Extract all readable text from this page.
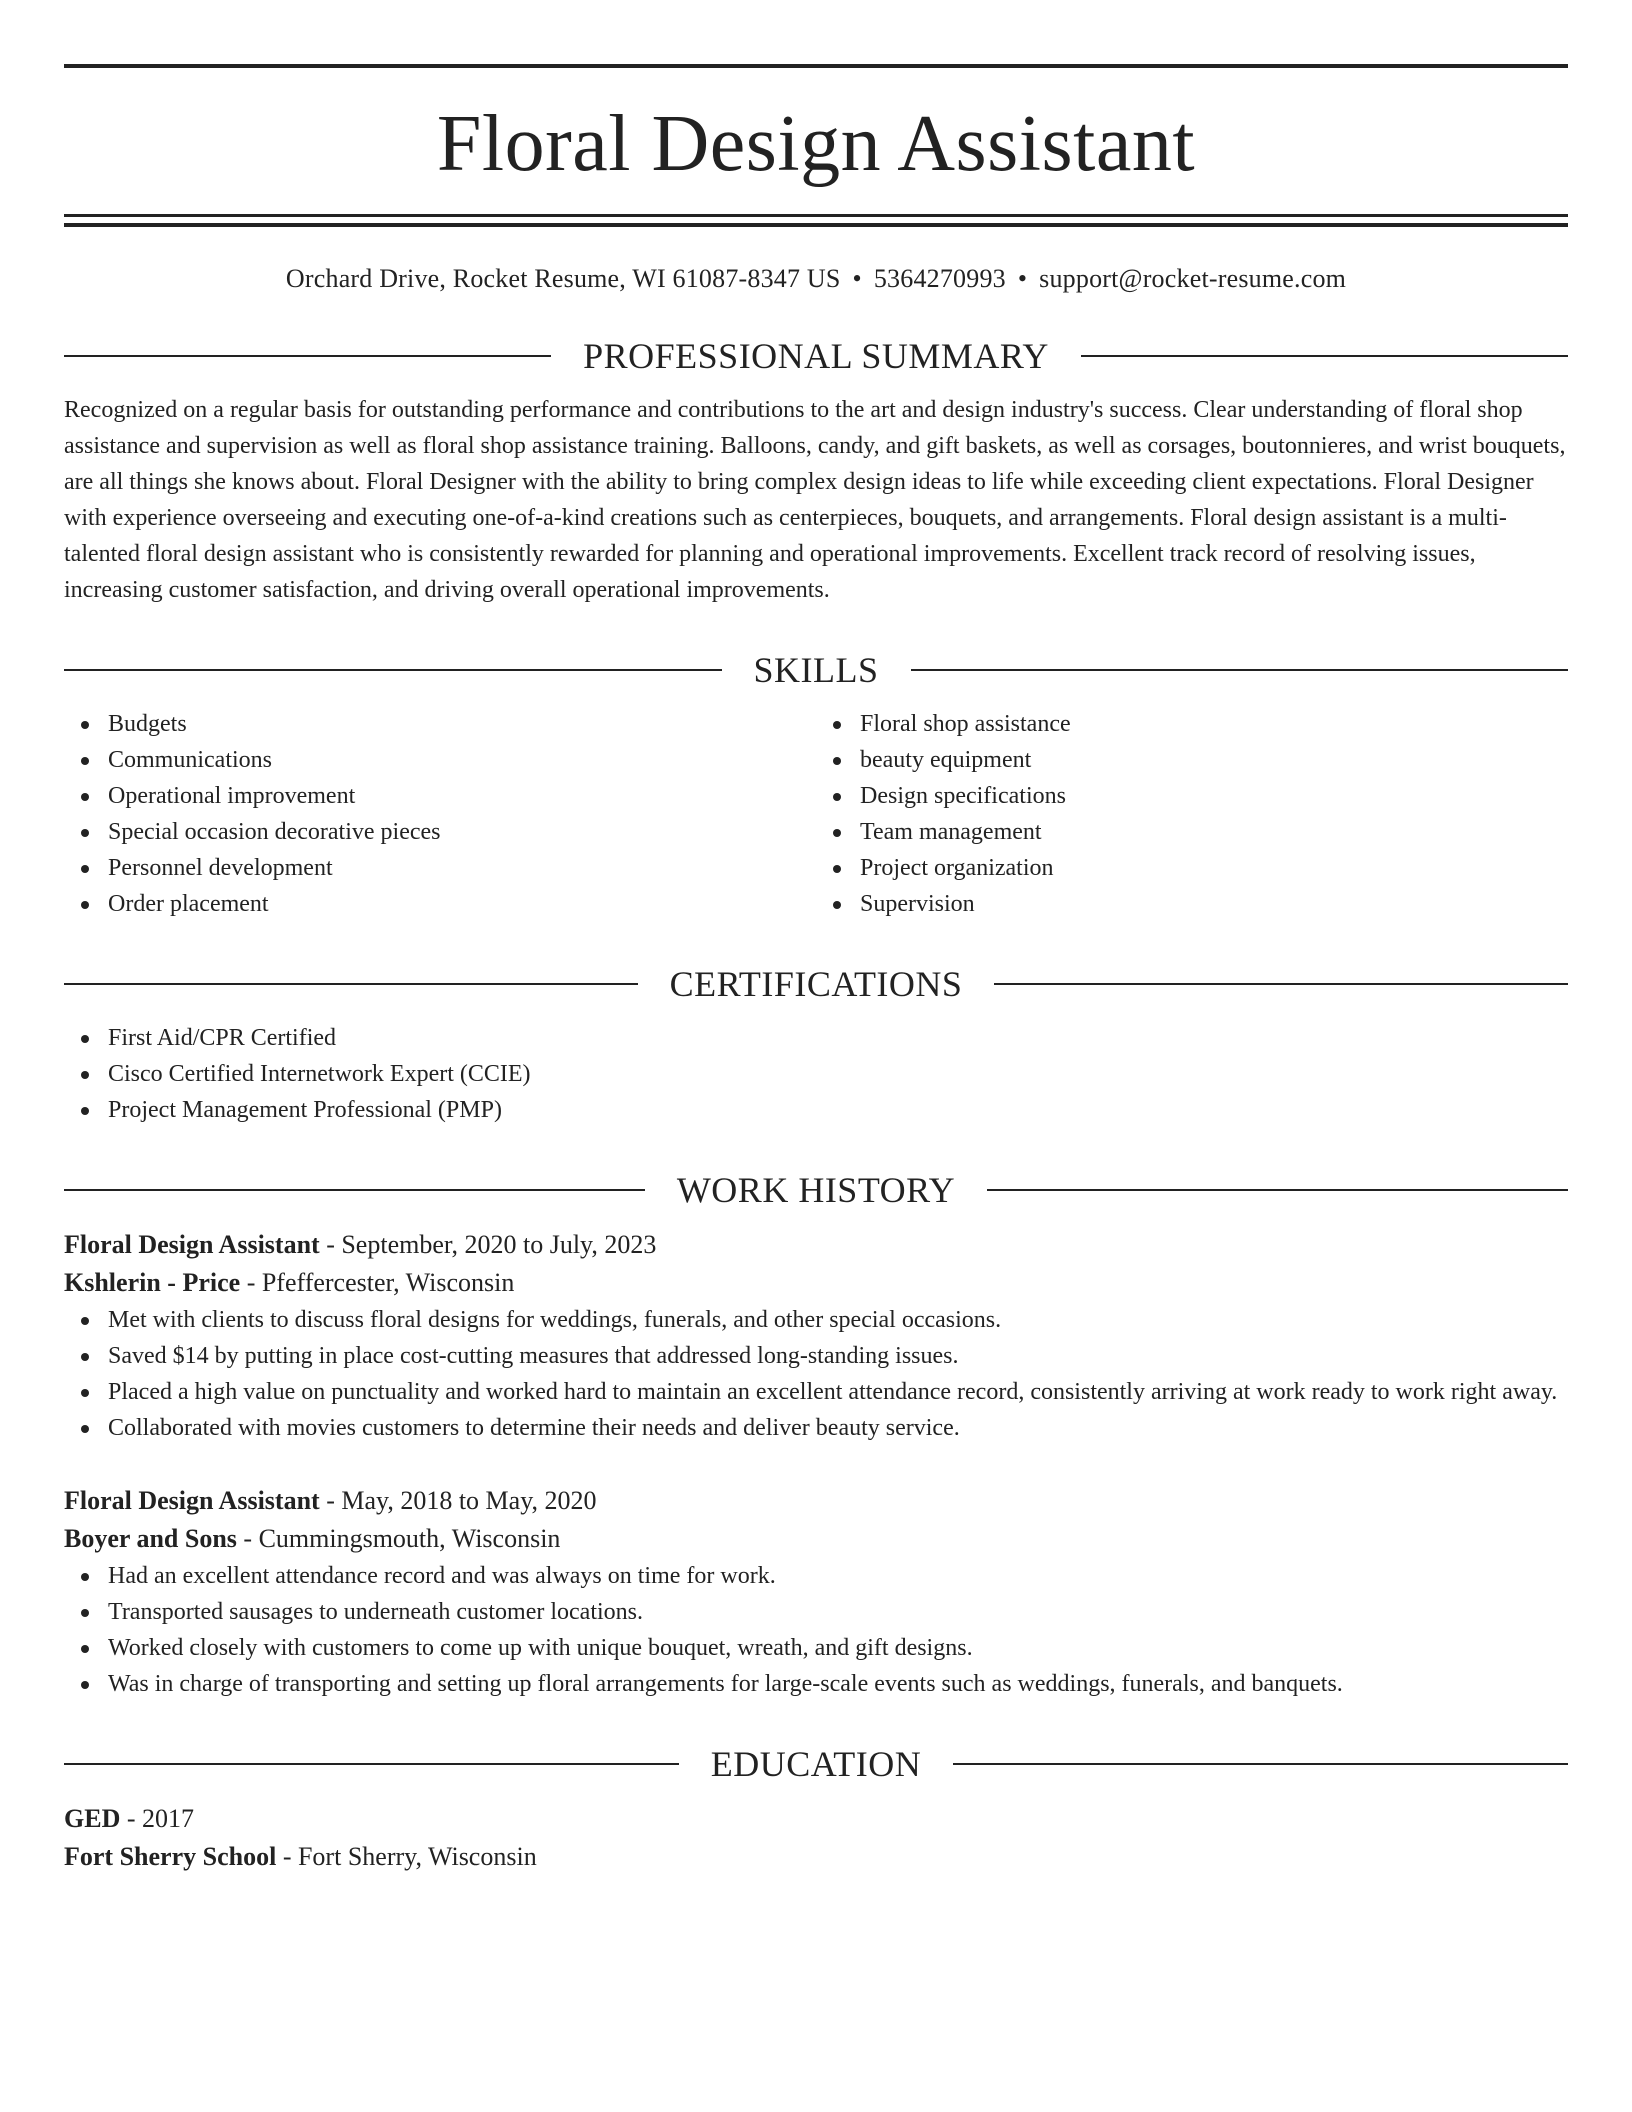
Floral Design Assistant
Orchard Drive, Rocket Resume, WI 61087-8347 US • 5364270993 • support@rocket-resume.com
PROFESSIONAL SUMMARY

Recognized on a regular basis for outstanding performance and contributions to the art and design industry's success. Clear understanding of floral shop assistance and supervision as well as floral shop assistance training. Balloons, candy, and gift baskets, as well as corsages, boutonnieres, and wrist bouquets, are all things she knows about. Floral Designer with the ability to bring complex design ideas to life while exceeding client expectations. Floral Designer with experience overseeing and executing one-of-a-kind creations such as centerpieces, bouquets, and arrangements. Floral design assistant is a multi-talented floral design assistant who is consistently rewarded for planning and operational improvements. Excellent track record of resolving issues, increasing customer satisfaction, and driving overall operational improvements.

SKILLS
Budgets
Communications
Operational improvement
Special occasion decorative pieces
Personnel development
Order placement
Floral shop assistance
beauty equipment
Design specifications
Team management
Project organization
Supervision
CERTIFICATIONS
First Aid/CPR Certified
Cisco Certified Internetwork Expert (CCIE)
Project Management Professional (PMP)
WORK HISTORY
Floral Design Assistant - September, 2020 to July, 2023
Kshlerin - Price - Pfeffercester, Wisconsin
Met with clients to discuss floral designs for weddings, funerals, and other special occasions.
Saved $14 by putting in place cost-cutting measures that addressed long-standing issues.
Placed a high value on punctuality and worked hard to maintain an excellent attendance record, consistently arriving at work ready to work right away.
Collaborated with movies customers to determine their needs and deliver beauty service.
Floral Design Assistant - May, 2018 to May, 2020
Boyer and Sons - Cummingsmouth, Wisconsin
Had an excellent attendance record and was always on time for work.
Transported sausages to underneath customer locations.
Worked closely with customers to come up with unique bouquet, wreath, and gift designs.
Was in charge of transporting and setting up floral arrangements for large-scale events such as weddings, funerals, and banquets.
EDUCATION
GED - 2017
Fort Sherry School - Fort Sherry, Wisconsin
